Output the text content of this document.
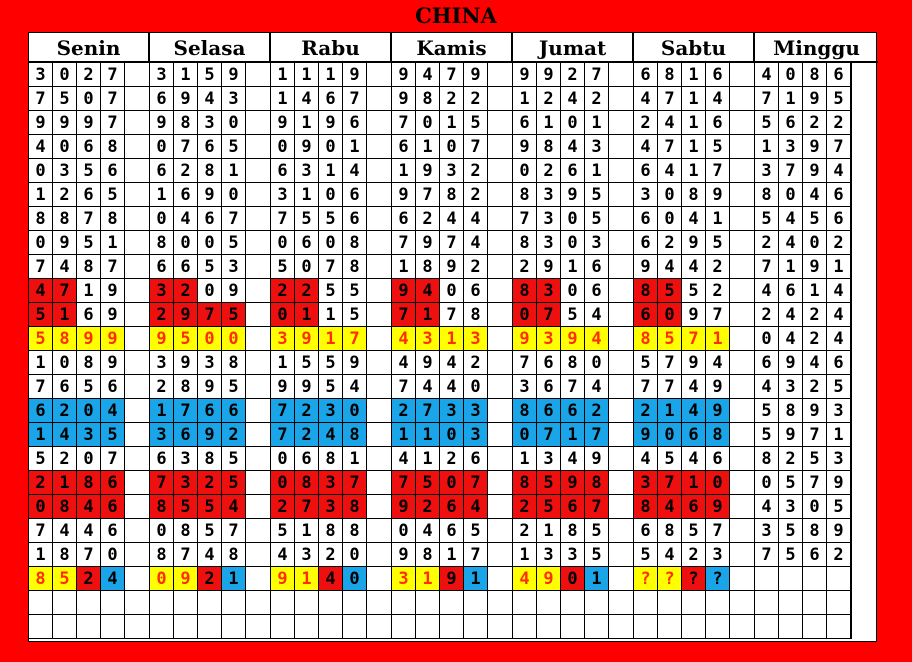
CHINA
Senin	Selasa	Rabu	Kamis	Jumat	Sabtu	Minggu
3 0 2 7	3 1 5 9	1 1 1 9	9 4 7 9	9 9 2 7	6 8 1 6	4 0 8 6
7 5 0 7	6 9 4 3	1 4 6 7	9 8 2 2	1 2 4 2	4 7 1 4	7 1 9 5
9 9 9 7	9 8 3 0	9 1 9 6	7 0 1 5	6 1 0 1	2 4 1 6	5 6 2 2
4 0 6 8	0 7 6 5	0 9 0 1	6 1 0 7	9 8 4 3	4 7 1 5	1 3 9 7
0 3 5 6	6 2 8 1	6 3 1 4	1 9 3 2	0 2 6 1	6 4 1 7	3 7 9 4
1 2 6 5	1 6 9 0	3 1 0 6	9 7 8 2	8 3 9 5	3 0 8 9	8 0 4 6
8 8 7 8	0 4 6 7	7 5 5 6	6 2 4 4	7 3 0 5	6 0 4 1	5 4 5 6
0 9 5 1	8 0 0 5	0 6 0 8	7 9 7 4	8 3 0 3	6 2 9 5	2 4 0 2
7 4 8 7	6 6 5 3	5 0 7 8	1 8 9 2	2 9 1 6	9 4 4 2	7 1 9 1
4 7 1 9	3 2 0 9	2 2 5 5	9 4 0 6	8 3 0 6	8 5 5 2	4 6 1 4
5 1 6 9	2 9 7 5	0 1 1 5	7 1 7 8	0 7 5 4	6 0 9 7	2 4 2 4
5 8 9 9	9 5 0 0	3 9 1 7	4 3 1 3	9 3 9 4	8 5 7 1	0 4 2 4
1 0 8 9	3 9 3 8	1 5 5 9	4 9 4 2	7 6 8 0	5 7 9 4	6 9 4 6
7 6 5 6	2 8 9 5	9 9 5 4	7 4 4 0	3 6 7 4	7 7 4 9	4 3 2 5
6 2 0 4	1 7 6 6	7 2 3 0	2 7 3 3	8 6 6 2	2 1 4 9	5 8 9 3
1 4 3 5	3 6 9 2	7 2 4 8	1 1 0 3	0 7 1 7	9 0 6 8	5 9 7 1
5 2 0 7	6 3 8 5	0 6 8 1	4 1 2 6	1 3 4 9	4 5 4 6	8 2 5 3
2 1 8 6	7 3 2 5	0 8 3 7	7 5 0 7	8 5 9 8	3 7 1 0	0 5 7 9
0 8 4 6	8 5 5 4	2 7 3 8	9 2 6 4	2 5 6 7	8 4 6 9	4 3 0 5
7 4 4 6	0 8 5 7	5 1 8 8	0 4 6 5	2 1 8 5	6 8 5 7	3 5 8 9
1 8 7 0	8 7 4 8	4 3 2 0	9 8 1 7	1 3 3 5	5 4 2 3	7 5 6 2
8 5 2 4	0 9 2 1	9 1 4 0	3 1 9 1	4 9 0 1	? ? ? ?
